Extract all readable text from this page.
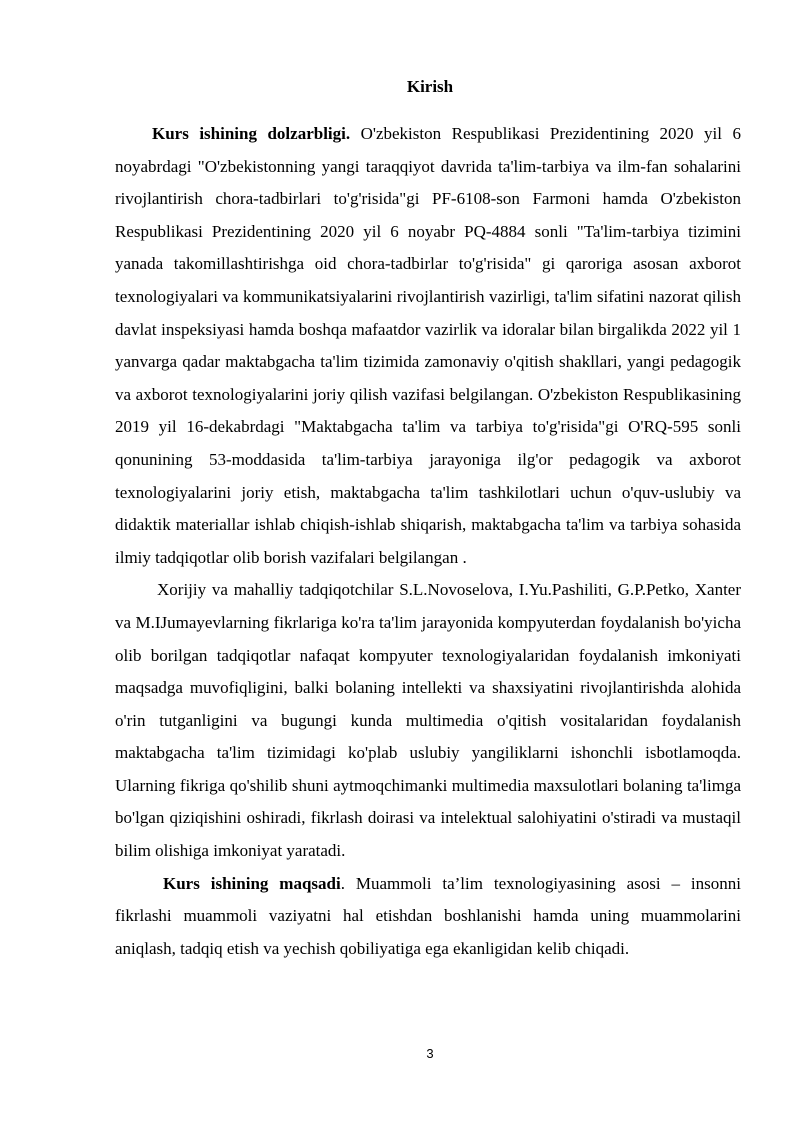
Kirish

Kurs ishining dolzarbligi. O'zbekiston Respublikasi Prezidentining 2020 yil 6 noyabrdagi "O'zbekistonning yangi taraqqiyot davrida ta'lim-tarbiya va ilm-fan sohalarini rivojlantirish chora-tadbirlari to'g'risida"gi PF-6108-son Farmoni hamda O'zbekiston Respublikasi Prezidentining 2020 yil 6 noyabr PQ-4884 sonli "Ta'lim-tarbiya tizimini yanada takomillashtirishga oid chora-tadbirlar to'g'risida" gi qaroriga asosan axborot texnologiyalari va kommunikatsiyalarini rivojlantirish vazirligi, ta'lim sifatini nazorat qilish davlat inspeksiyasi hamda boshqa mafaatdor vazirlik va idoralar bilan birgalikda 2022 yil 1 yanvarga qadar maktabgacha ta'lim tizimida zamonaviy o'qitish shakllari, yangi pedagogik va axborot texnologiyalarini joriy qilish vazifasi belgilangan. O'zbekiston Respublikasining 2019 yil 16-dekabrdagi "Maktabgacha ta'lim va tarbiya to'g'risida"gi O'RQ-595 sonli qonunining 53-moddasida ta'lim-tarbiya jarayoniga ilg'or pedagogik va axborot texnologiyalarini joriy etish, maktabgacha ta'lim tashkilotlari uchun o'quv-uslubiy va didaktik materiallar ishlab chiqish-ishlab shiqarish, maktabgacha ta'lim va tarbiya sohasida ilmiy tadqiqotlar olib borish vazifalari belgilangan .

Xorijiy va mahalliy tadqiqotchilar S.L.Novoselova, I.Yu.Pashiliti, G.P.Petko, Xanter va M.IJumayevlarning fikrlariga ko'ra ta'lim jarayonida kompyuterdan foydalanish bo'yicha olib borilgan tadqiqotlar nafaqat kompyuter texnologiyalaridan foydalanish imkoniyati maqsadga muvofiqligini, balki bolaning intellekti va shaxsiyatini rivojlantirishda alohida o'rin tutganligini va bugungi kunda multimedia o'qitish vositalaridan foydalanish maktabgacha ta'lim tizimidagi ko'plab uslubiy yangiliklarni ishonchli isbotlamoqda. Ularning fikriga qo'shilib shuni aytmoqchimanki multimedia maxsulotlari bolaning ta'limga bo'lgan qiziqishini oshiradi, fikrlash doirasi va intelektual salohiyatini o'stiradi va mustaqil bilim olishiga imkoniyat yaratadi.

Kurs ishining maqsadi. Muammoli ta’lim texnologiyasining asosi – insonni fikrlashi muammoli vaziyatni hal etishdan boshlanishi hamda uning muammolarini aniqlash, tadqiq etish va yechish qobiliyatiga ega ekanligidan kelib chiqadi.

3
